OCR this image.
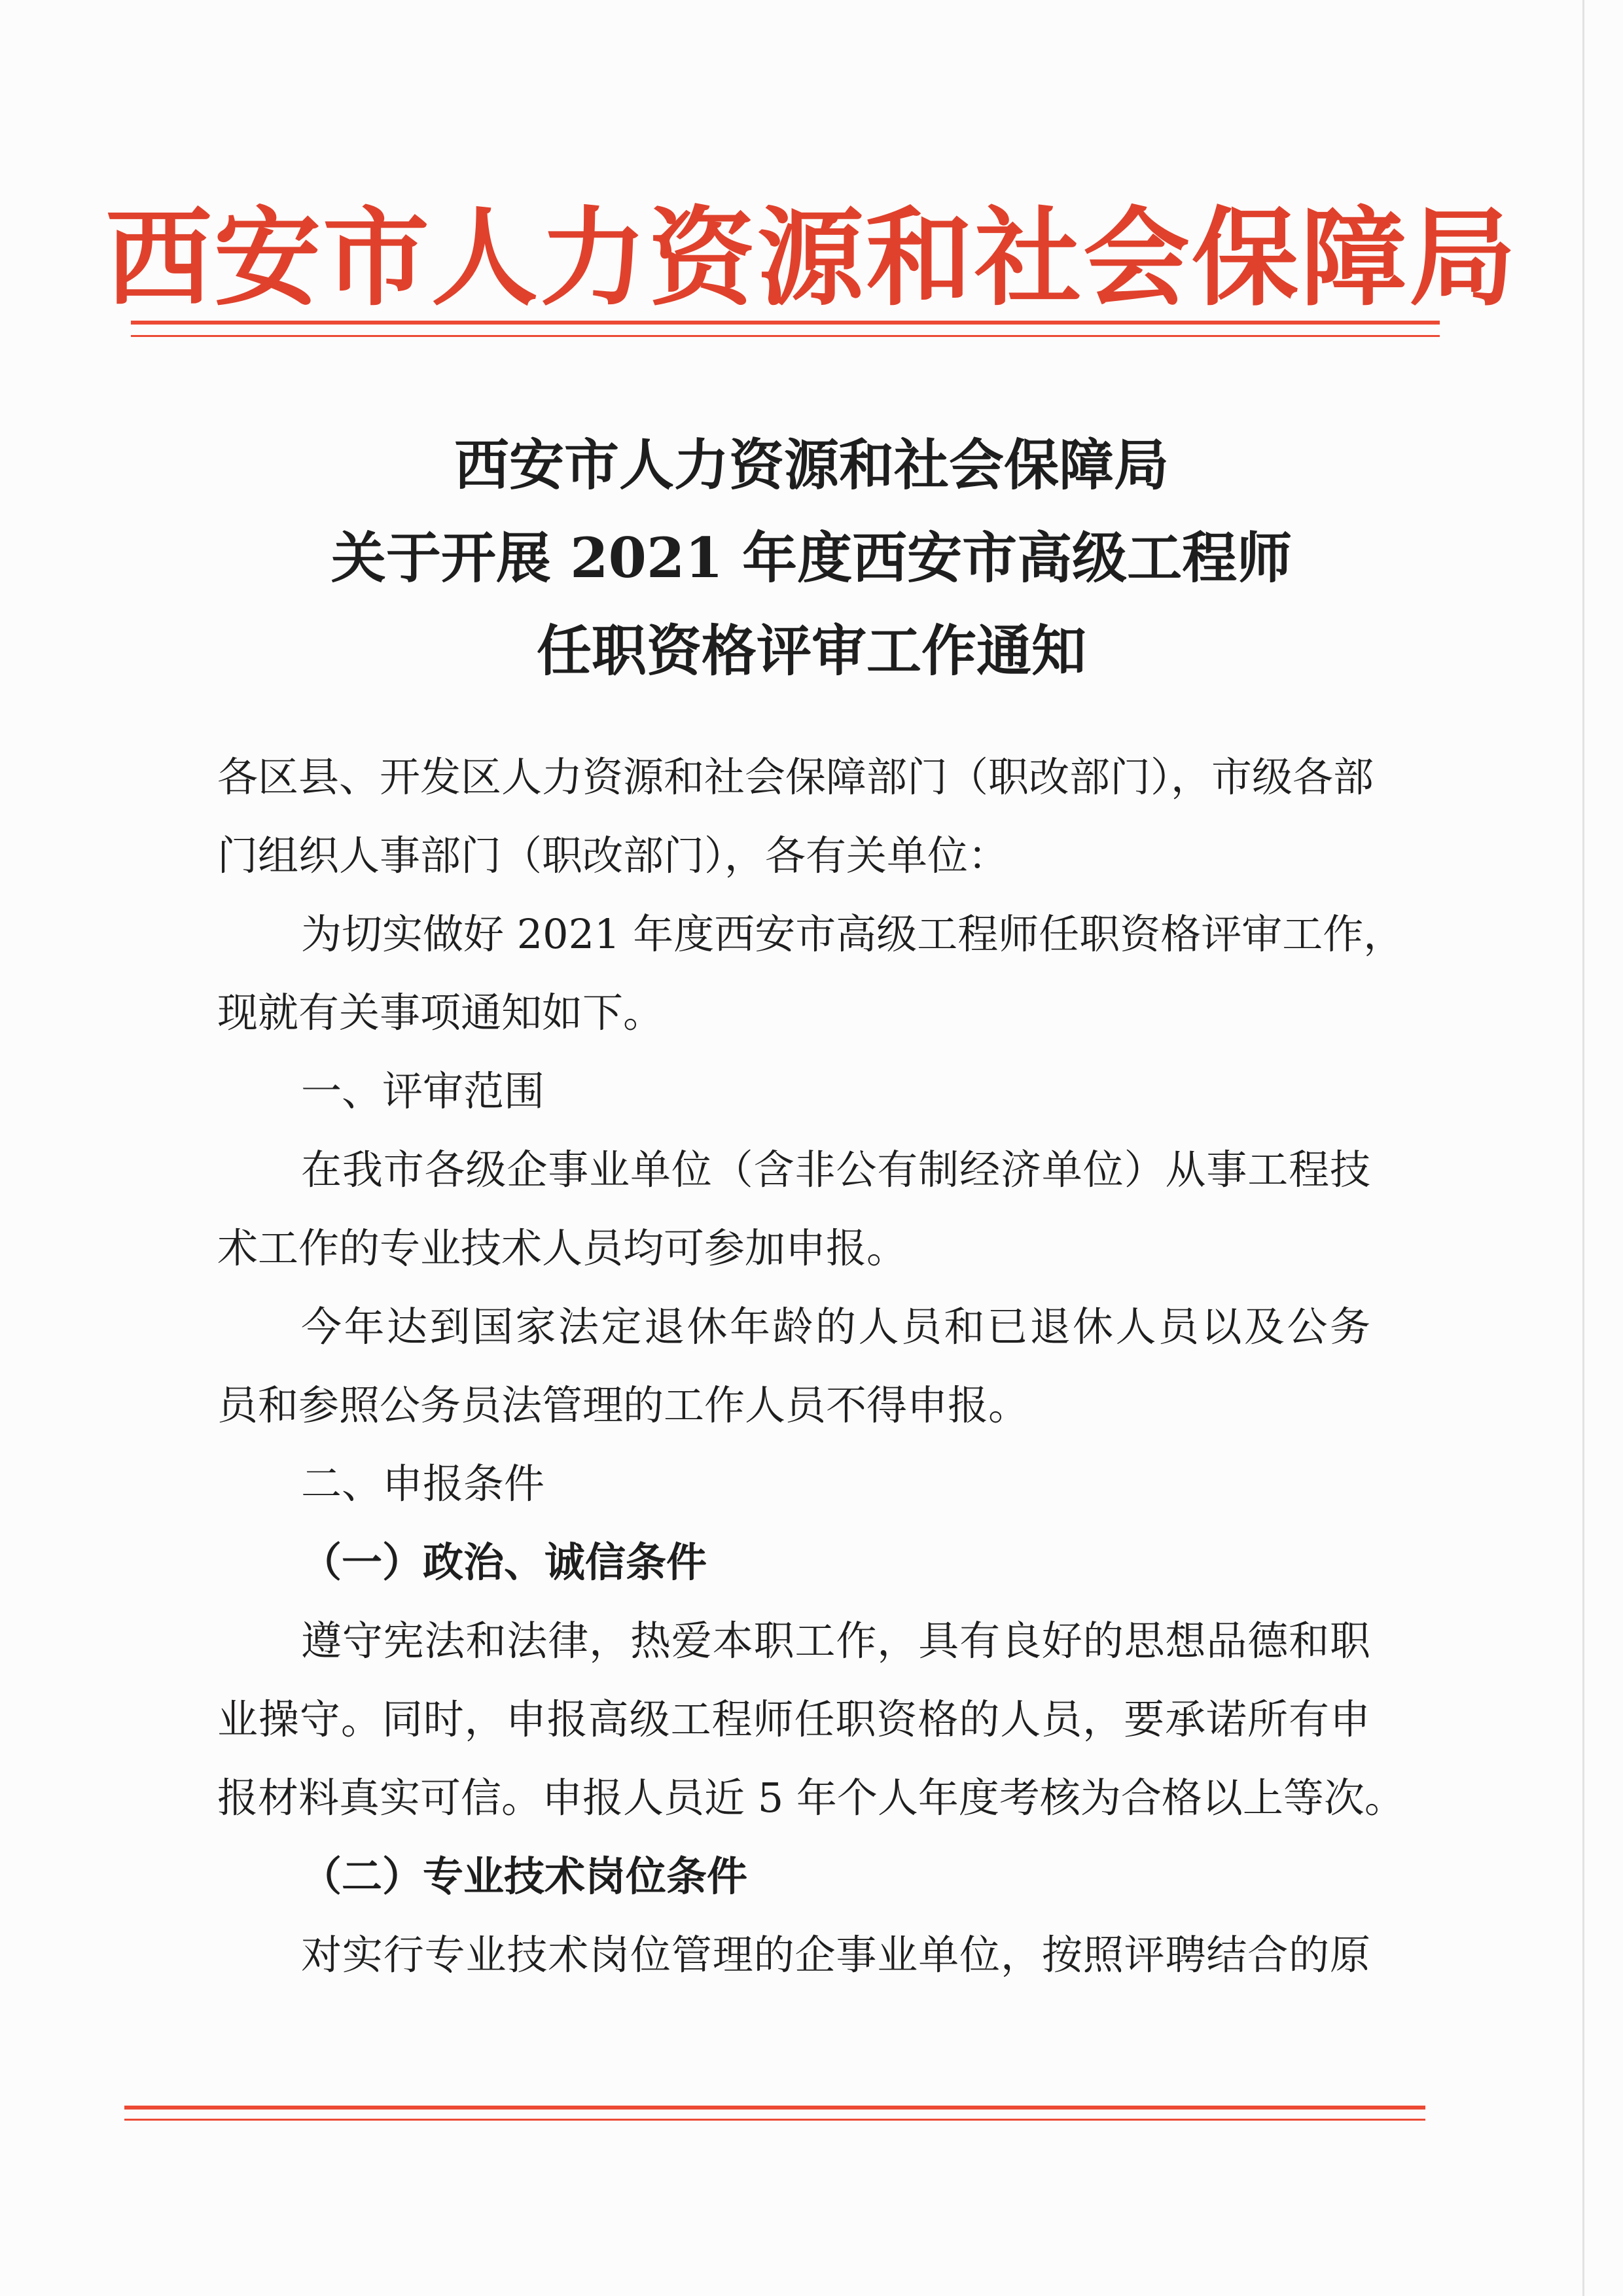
西安市人力资源和社会保障局
西安市人力资源和社会保障局
关于开展 2021 年度西安市高级工程师
任职资格评审工作通知
各区县、开发区人力资源和社会保障部门（职改部门），市级各部
门组织人事部门（职改部门），各有关单位：
为切实做好 2021 年度西安市高级工程师任职资格评审工作，
现就有关事项通知如下。
一、评审范围
在我市各级企事业单位（含非公有制经济单位）从事工程技
术工作的专业技术人员均可参加申报。
今年达到国家法定退休年龄的人员和已退休人员以及公务
员和参照公务员法管理的工作人员不得申报。
二、申报条件
（一）政治、诚信条件
遵守宪法和法律，热爱本职工作，具有良好的思想品德和职
业操守。同时，申报高级工程师任职资格的人员，要承诺所有申
报材料真实可信。申报人员近 5 年个人年度考核为合格以上等次。
（二）专业技术岗位条件
对实行专业技术岗位管理的企事业单位，按照评聘结合的原
